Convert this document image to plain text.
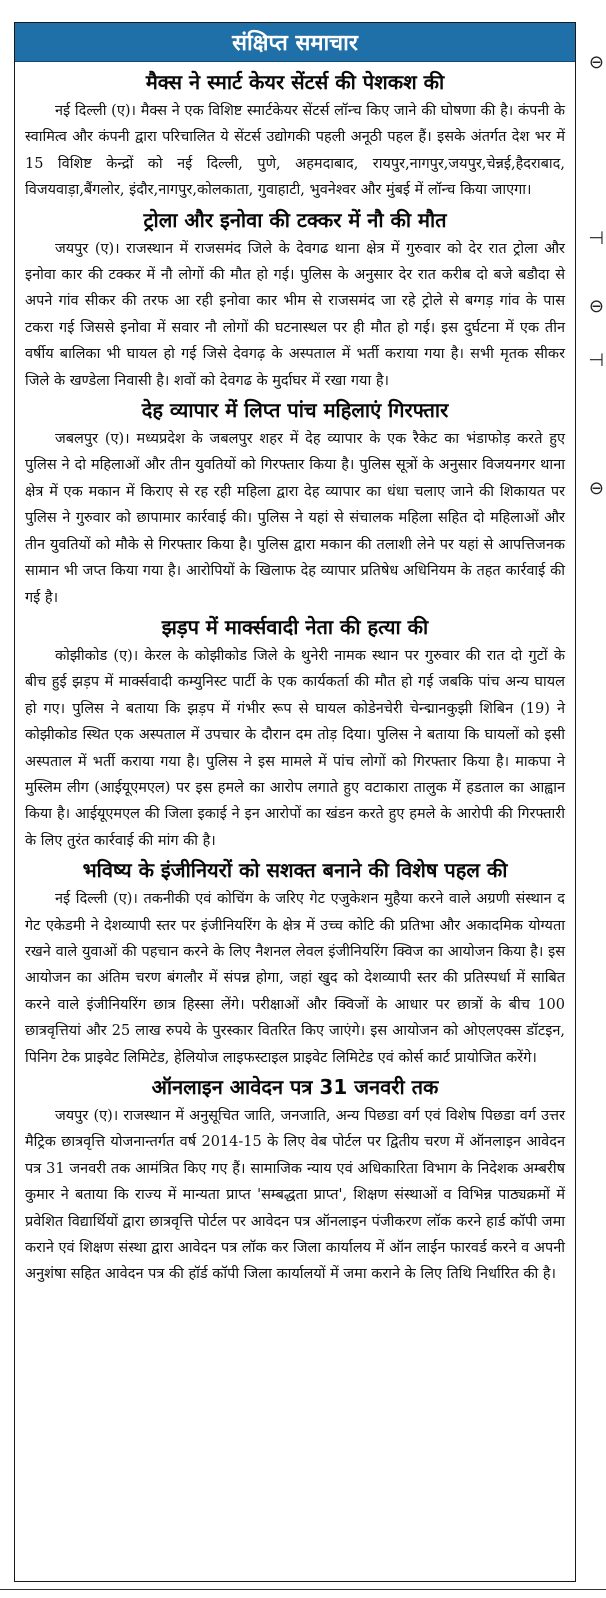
संक्षिप्त समाचार
मैक्स ने स्मार्ट केयर सेंटर्स की पेशकश की

नई दिल्ली (ए)। मैक्स ने एक विशिष्ट स्मार्टकेयर सेंटर्स लॉन्च किए जाने की घोषणा की है। कंपनी के स्वामित्व और कंपनी द्वारा परिचालित ये सेंटर्स उद्योगकी पहली अनूठी पहल हैं। इसके अंतर्गत देश भर में 15 विशिष्ट केन्द्रों को नई दिल्ली, पुणे, अहमदाबाद, रायपुर,नागपुर,जयपुर,चेन्नई,हैदराबाद, विजयवाड़ा,बैंगलोर, इंदौर,नागपुर,कोलकाता, गुवाहाटी, भुवनेश्वर और मुंबई में लॉन्च किया जाएगा।

ट्रोला और इनोवा की टक्कर में नौ की मौत

जयपुर (ए)। राजस्थान में राजसमंद जिले के देवगढ थाना क्षेत्र में गुरुवार को देर रात ट्रोला और इनोवा कार की टक्कर में नौ लोगों की मौत हो गई। पुलिस के अनुसार देर रात करीब दो बजे बडौदा से अपने गांव सीकर की तरफ आ रही इनोवा कार भीम से राजसमंद जा रहे ट्रोले से बग्गड़ गांव के पास टकरा गई जिससे इनोवा में सवार नौ लोगों की घटनास्थल पर ही मौत हो गई। इस दुर्घटना में एक तीन वर्षीय बालिका भी घायल हो गई जिसे देवगढ़ के अस्पताल में भर्ती कराया गया है। सभी मृतक सीकर जिले के खण्डेला निवासी है। शवों को देवगढ के मुर्दाघर में रखा गया है।

देह व्यापार में लिप्त पांच महिलाएं गिरफ्तार

जबलपुर (ए)। मध्यप्रदेश के जबलपुर शहर में देह व्यापार के एक रैकेट का भंडाफोड़ करते हुए पुलिस ने दो महिलाओं और तीन युवतियों को गिरफ्तार किया है। पुलिस सूत्रों के अनुसार विजयनगर थाना क्षेत्र में एक मकान में किराए से रह रही महिला द्वारा देह व्यापार का धंधा चलाए जाने की शिकायत पर पुलिस ने गुरुवार को छापामार कार्रवाई की। पुलिस ने यहां से संचालक महिला सहित दो महिलाओं और तीन युवतियों को मौके से गिरफ्तार किया है। पुलिस द्वारा मकान की तलाशी लेने पर यहां से आपत्तिजनक सामान भी जप्त किया गया है। आरोपियों के खिलाफ देह व्यापार प्रतिषेध अधिनियम के तहत कार्रवाई की गई है।

झड़प में मार्क्सवादी नेता की हत्या की

कोझीकोड (ए)। केरल के कोझीकोड जिले के थुनेरी नामक स्थान पर गुरुवार की रात दो गुटों के बीच हुई झड़प में मार्क्सवादी कम्युनिस्ट पार्टी के एक कार्यकर्ता की मौत हो गई जबकि पांच अन्य घायल हो गए। पुलिस ने बताया कि झड़प में गंभीर रूप से घायल कोडेनचेरी चेन्द्मानकुझी शिबिन (19) ने कोझीकोड स्थित एक अस्पताल में उपचार के दौरान दम तोड़ दिया। पुलिस ने बताया कि घायलों को इसी अस्पताल में भर्ती कराया गया है। पुलिस ने इस मामले में पांच लोगों को गिरफ्तार किया है। माकपा ने मुस्लिम लीग (आईयूएमएल) पर इस हमले का आरोप लगाते हुए वटाकारा तालुक में हडताल का आह्वान किया है। आईयूएमएल की जिला इकाई ने इन आरोपों का खंडन करते हुए हमले के आरोपी की गिरफ्तारी के लिए तुरंत कार्रवाई की मांग की है।

भविष्य के इंजीनियरों को सशक्त बनाने की विशेष पहल की

नई दिल्ली (ए)। तकनीकी एवं कोचिंग के जरिए गेट एजुकेशन मुहैया करने वाले अग्रणी संस्थान द गेट एकेडमी ने देशव्यापी स्तर पर इंजीनियरिंग के क्षेत्र में उच्च कोटि की प्रतिभा और अकादमिक योग्यता रखने वाले युवाओं की पहचान करने के लिए नैशनल लेवल इंजीनियरिंग क्विज का आयोजन किया है। इस आयोजन का अंतिम चरण बंगलौर में संपन्न होगा, जहां खुद को देशव्यापी स्तर की प्रतिस्पर्धा में साबित करने वाले इंजीनियरिंग छात्र हिस्सा लेंगे। परीक्षाओं और क्विजों के आधार पर छात्रों के बीच 100 छात्रवृत्तियां और 25 लाख रुपये के पुरस्कार वितरित किए जाएंगे। इस आयोजन को ओएलएक्स डॉटइन, पिनिग टेक प्राइवेट लिमिटेड, हेलियोज लाइफस्टाइल प्राइवेट लिमिटेड एवं कोर्स कार्ट प्रायोजित करेंगे।

ऑनलाइन आवेदन पत्र 31 जनवरी तक

जयपुर (ए)। राजस्थान में अनुसूचित जाति, जनजाति, अन्य पिछडा वर्ग एवं विशेष पिछडा वर्ग उत्तर मैट्रिक छात्रवृत्ति योजनान्तर्गत वर्ष 2014-15 के लिए वेब पोर्टल पर द्वितीय चरण में ऑनलाइन आवेदन पत्र 31 जनवरी तक आमंत्रित किए गए हैं। सामाजिक न्याय एवं अधिकारिता विभाग के निदेशक अम्बरीष कुमार ने बताया कि राज्य में मान्यता प्राप्त 'सम्बद्धता प्राप्त', शिक्षण संस्थाओं व विभिन्न पाठ्यक्रमों में प्रवेशित विद्यार्थियों द्वारा छात्रवृत्ति पोर्टल पर आवेदन पत्र ऑनलाइन पंजीकरण लॉक करने हार्ड कॉपी जमा कराने एवं शिक्षण संस्था द्वारा आवेदन पत्र लॉक कर जिला कार्यालय में ऑन लाईन फारवर्ड करने व अपनी अनुशंषा सहित आवेदन पत्र की हॉर्ड कॉपी जिला कार्यालयों में जमा कराने के लिए तिथि निर्धारित की है।

⊖
⊣
⊖
⊣
⊖
